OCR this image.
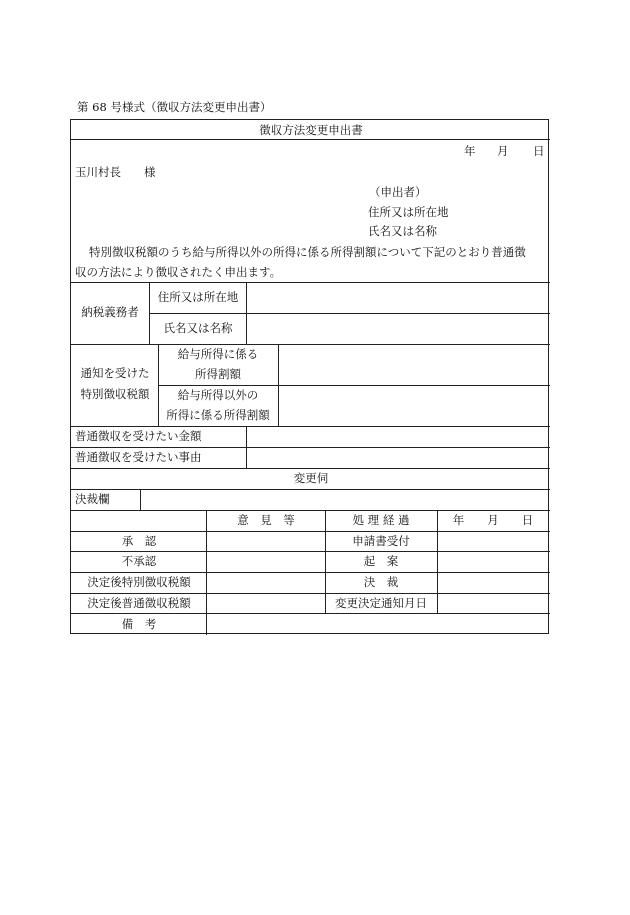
第 68 号様式（徴収方法変更申出書）
徴収方法変更申出書
年 月 日
玉川村長　　様
（申出者）
住所又は所在地
氏名又は名称
特別徴収税額のうち給与所得以外の所得に係る所得割額について下記のとおり普通徴
収の方法により徴収されたく申出ます。
納税義務者
住所又は所在地
氏名又は名称
通知を受けた
特別徴収税額
給与所得に係る
所得割額
給与所得以外の
所得に係る所得割額
普通徴収を受けたい金額
普通徴収を受けたい事由
変更伺
決裁欄
意　見　等	処 理 経 過	年　　月　　日
承　認
不承認
決定後特別徴収税額
決定後普通徴収税額
申請書受付
起　案
決　裁
変更決定通知月日
備　考
